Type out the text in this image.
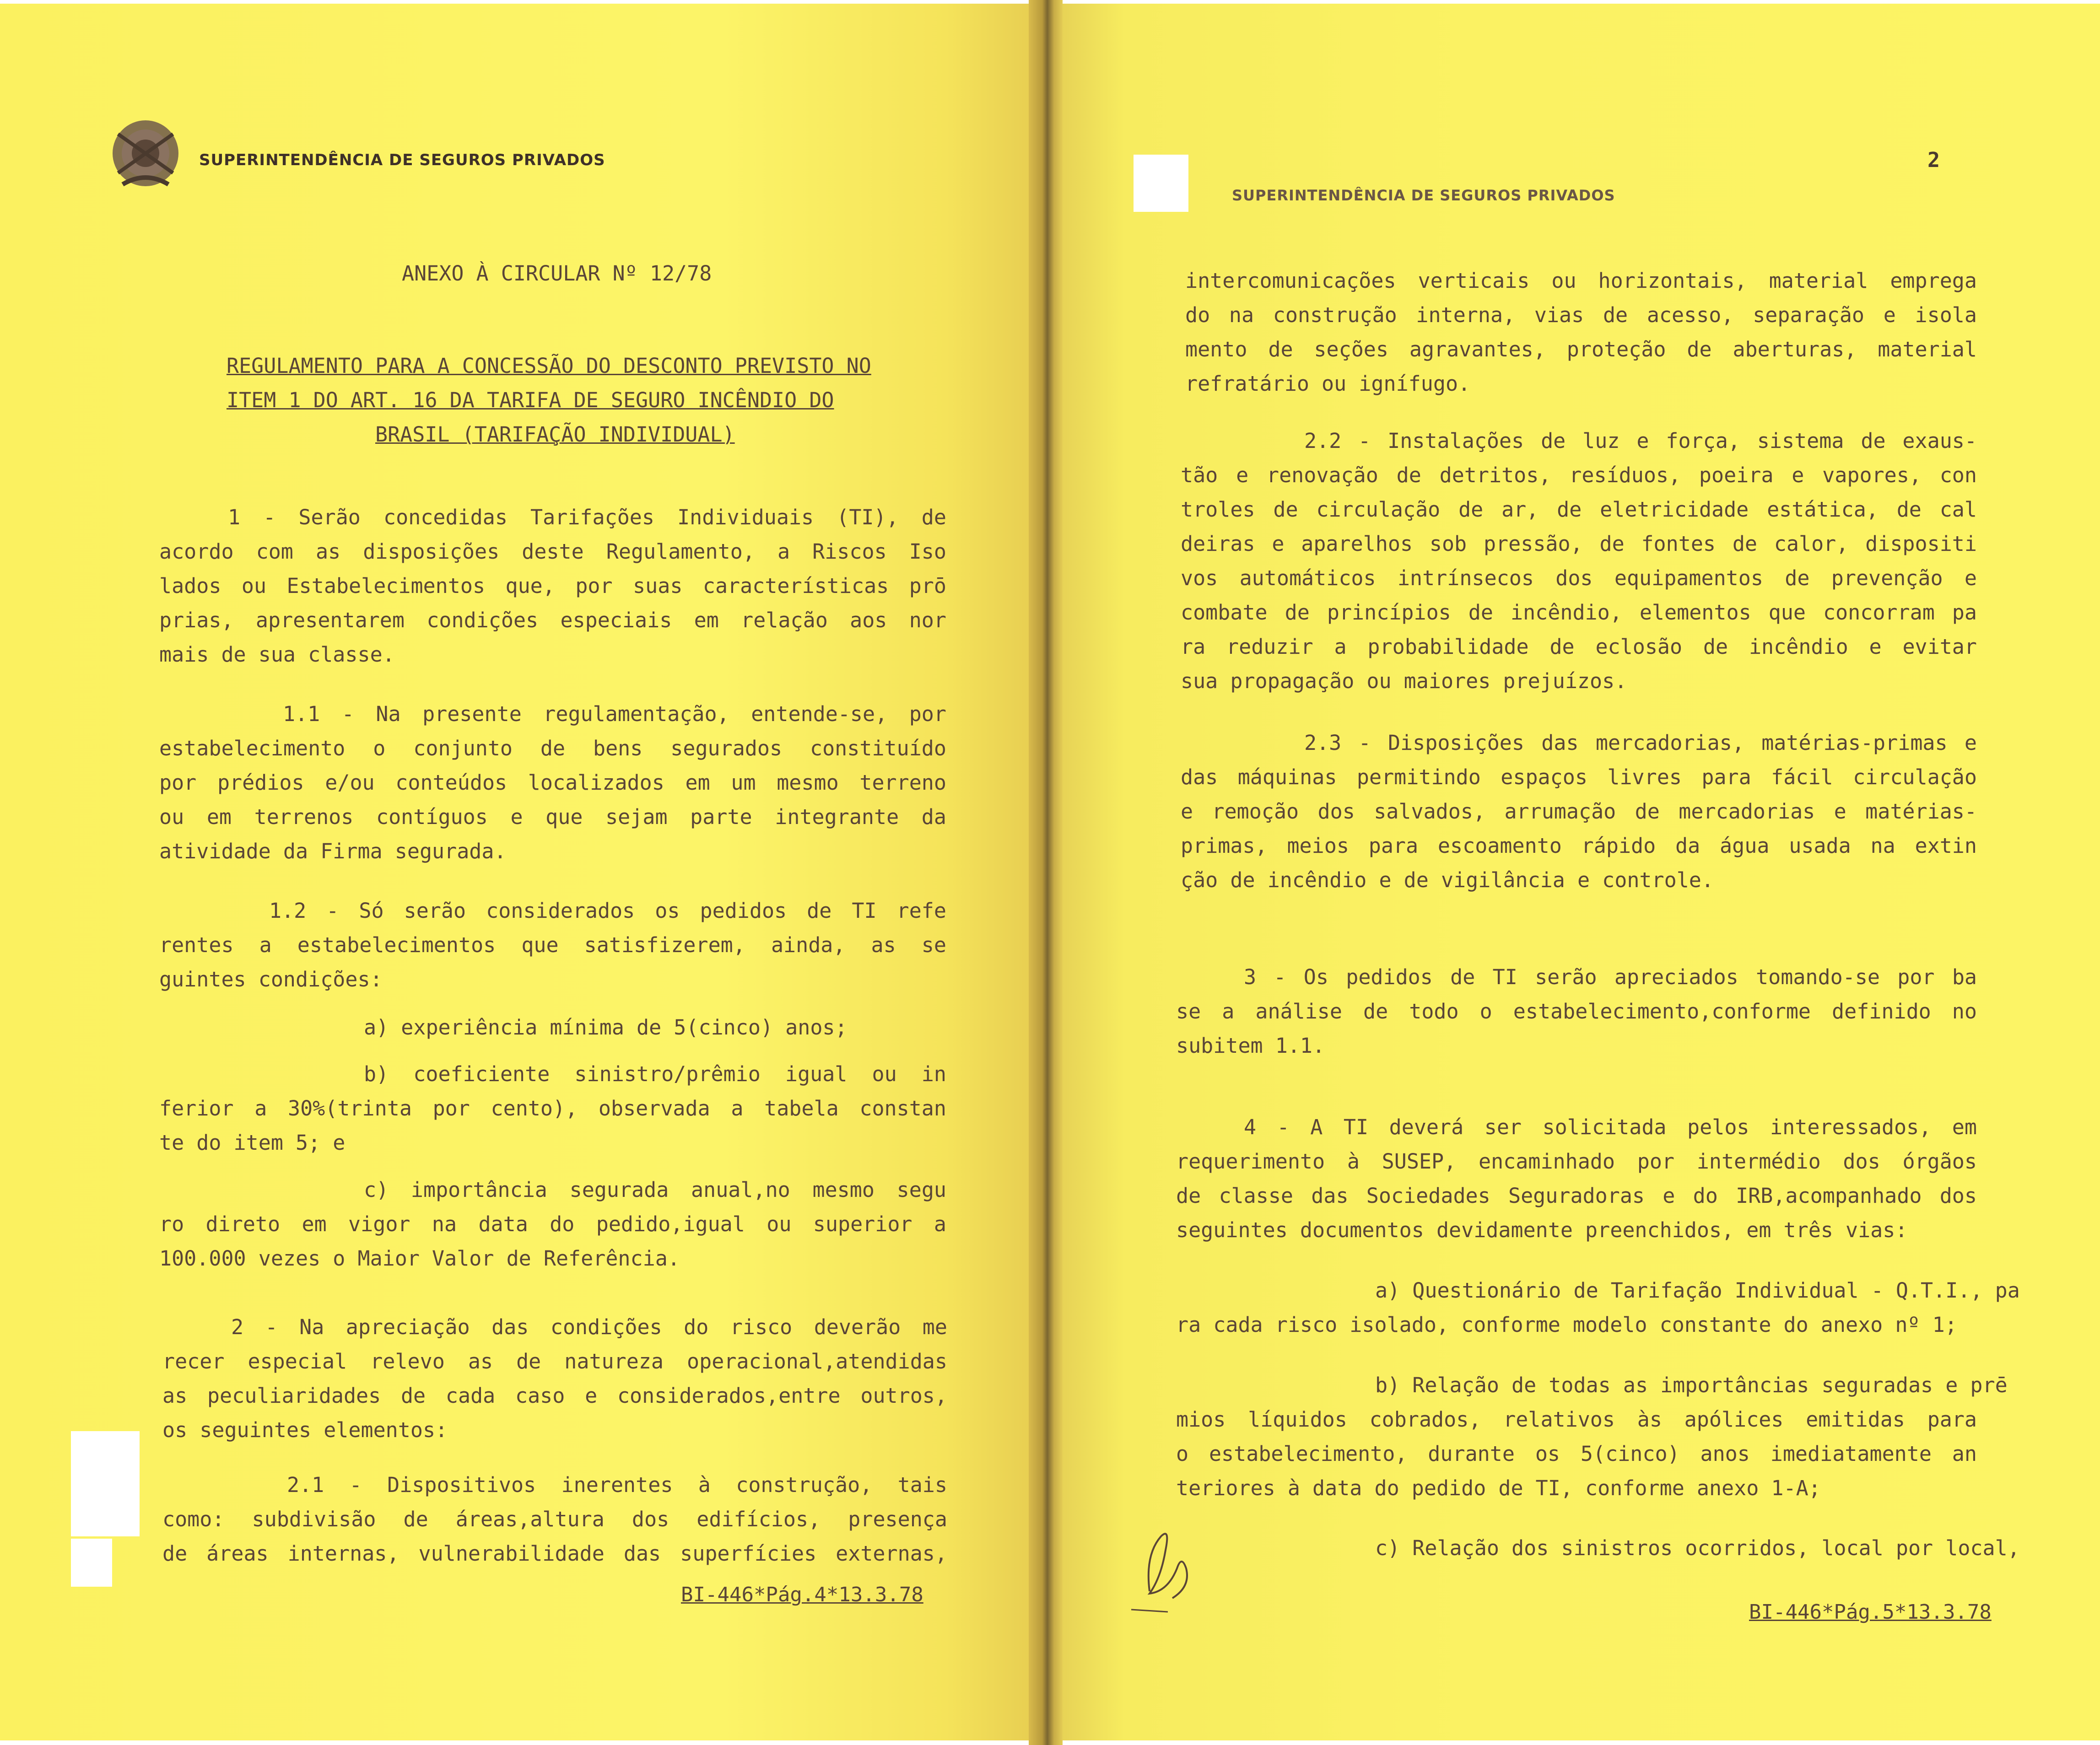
SUPERINTENDÊNCIA DE SEGUROS PRIVADOS
ANEXO À CIRCULAR Nº 12/78
REGULAMENTO PARA A CONCESSÃO DO DESCONTO PREVISTO NO
ITEM 1 DO ART. 16 DA TARIFA DE SEGURO INCÊNDIO DO
BRASIL (TARIFAÇÃO INDIVIDUAL)
1 - Serão concedidas Tarifações Individuais (TI), de
acordo com as disposições deste Regulamento, a Riscos Iso
lados ou Estabelecimentos que, por suas características prō
prias, apresentarem condições especiais em relação aos nor
mais de sua classe.
1.1 - Na presente regulamentação, entende-se, por
estabelecimento o conjunto de bens segurados constituído
por prédios e/ou conteúdos localizados em um mesmo terreno
ou em terrenos contíguos e que sejam parte integrante da
atividade da Firma segurada.
1.2 - Só serão considerados os pedidos de TI refe
rentes a estabelecimentos que satisfizerem, ainda, as se
guintes condições:
a) experiência mínima de 5(cinco) anos;
b) coeficiente sinistro/prêmio igual ou in
ferior a 30%(trinta por cento), observada a tabela constan
te do item 5; e
c) importância segurada anual,no mesmo segu
ro direto em vigor na data do pedido,igual ou superior a
100.000 vezes o Maior Valor de Referência.
2 - Na apreciação das condições do risco deverão me
recer especial relevo as de natureza operacional,atendidas
as peculiaridades de cada caso e considerados,entre outros,
os seguintes elementos:
2.1 - Dispositivos inerentes à construção, tais
como: subdivisão de áreas,altura dos edifícios, presença
de áreas internas, vulnerabilidade das superfícies externas,
BI-446*Pág.4*13.3.78
SUPERINTENDÊNCIA DE SEGUROS PRIVADOS
2
intercomunicações verticais ou horizontais, material emprega
do na construção interna, vias de acesso, separação e isola
mento de seções agravantes, proteção de aberturas, material
refratário ou ignífugo.
2.2 - Instalações de luz e força, sistema de exaus-
tão e renovação de detritos, resíduos, poeira e vapores, con
troles de circulação de ar, de eletricidade estática, de cal
deiras e aparelhos sob pressão, de fontes de calor, dispositi
vos automáticos intrínsecos dos equipamentos de prevenção e
combate de princípios de incêndio, elementos que concorram pa
ra reduzir a probabilidade de eclosão de incêndio e evitar
sua propagação ou maiores prejuízos.
2.3 - Disposições das mercadorias, matérias-primas e
das máquinas permitindo espaços livres para fácil circulação
e remoção dos salvados, arrumação de mercadorias e matérias-
primas, meios para escoamento rápido da água usada na extin
ção de incêndio e de vigilância e controle.
3 - Os pedidos de TI serão apreciados tomando-se por ba
se a análise de todo o estabelecimento,conforme definido no
subitem 1.1.
4 - A TI deverá ser solicitada pelos interessados, em
requerimento à SUSEP, encaminhado por intermédio dos órgãos
de classe das Sociedades Seguradoras e do IRB,acompanhado dos
seguintes documentos devidamente preenchidos, em três vias:
a) Questionário de Tarifação Individual - Q.T.I., pa
ra cada risco isolado, conforme modelo constante do anexo nº 1;
b) Relação de todas as importâncias seguradas e prē
mios líquidos cobrados, relativos às apólices emitidas para
o estabelecimento, durante os 5(cinco) anos imediatamente an
teriores à data do pedido de TI, conforme anexo 1-A;
c) Relação dos sinistros ocorridos, local por local,
BI-446*Pág.5*13.3.78
